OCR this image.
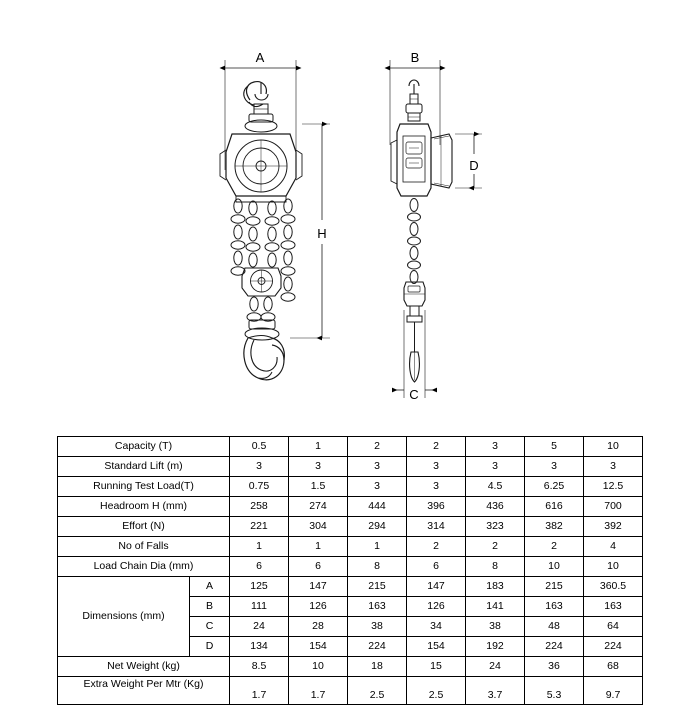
A
H
B
D
C
Capacity (T)		0.5	1	2	2	3	5	10
Standard Lift (m)		3	3	3	3	3	3	3
Running Test Load(T)		0.75	1.5	3	3	4.5	6.25	12.5
Headroom H (mm)		258	274	444	396	436	616	700
Effort (N)		221	304	294	314	323	382	392
No of Falls		1	1	1	2	2	2	4
Load Chain Dia (mm)		6	6	8	6	8	10	10
Dimensions (mm)	A	125	147	215	147	183	215	360.5
	B	111	126	163	126	141	163	163
	C	24	28	38	34	38	48	64
	D	134	154	224	154	192	224	224
Net Weight (kg)		8.5	10	18	15	24	36	68
Extra Weight Per Mtr (Kg)		1.7	1.7	2.5	2.5	3.7	5.3	9.7
